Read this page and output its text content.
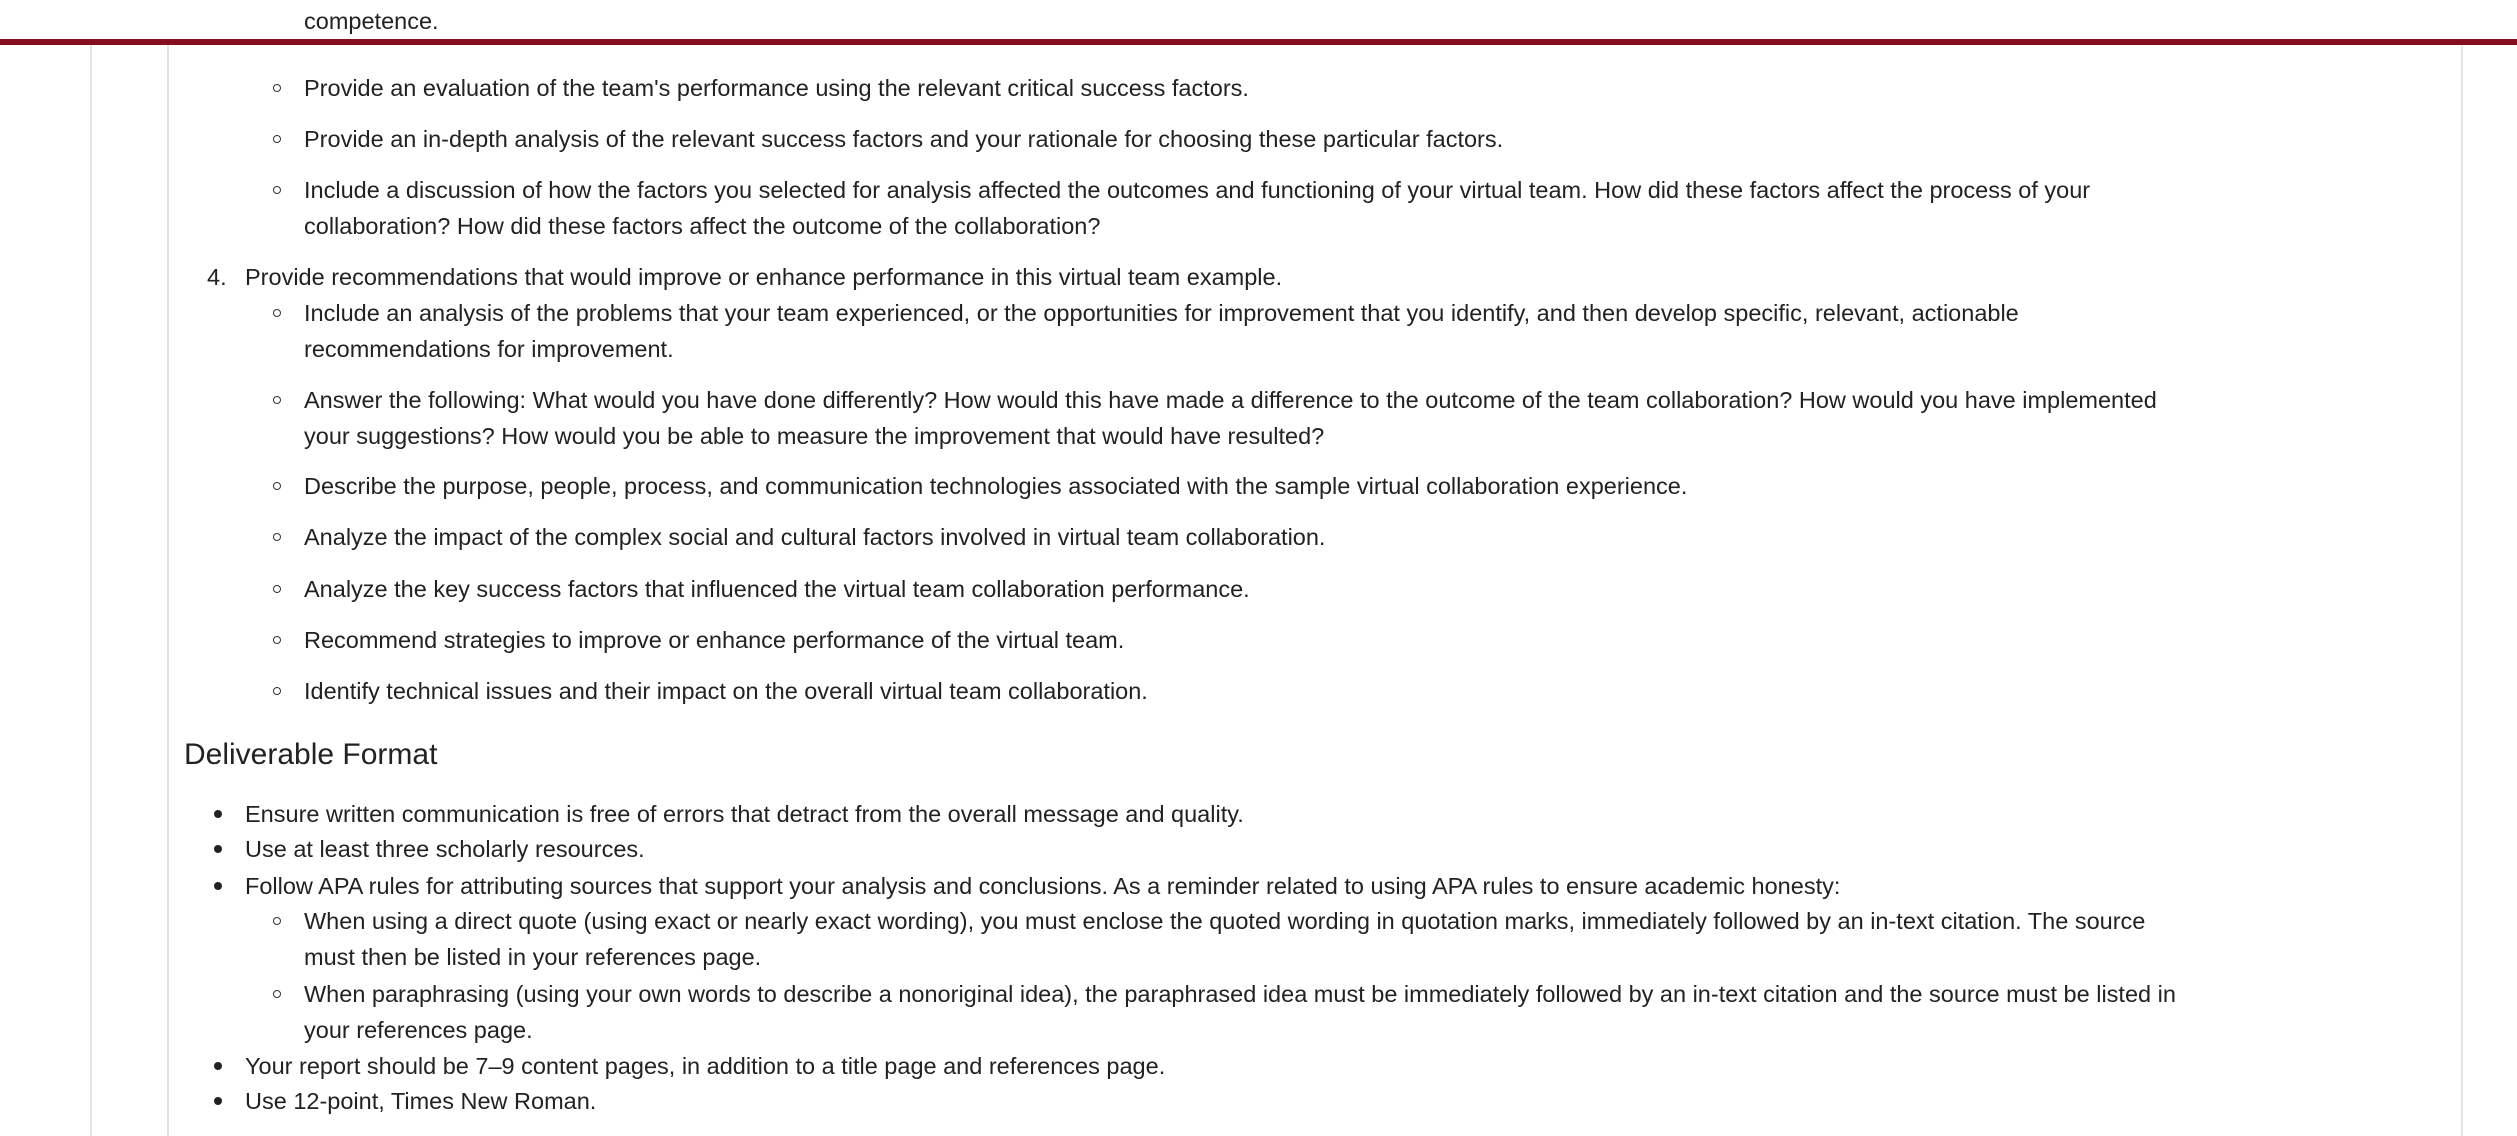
competence.
Provide an evaluation of the team's performance using the relevant critical success factors.
Provide an in-depth analysis of the relevant success factors and your rationale for choosing these particular factors.
Include a discussion of how the factors you selected for analysis affected the outcomes and functioning of your virtual team. How did these factors affect the process of your
collaboration? How did these factors affect the outcome of the collaboration?
4. Provide recommendations that would improve or enhance performance in this virtual team example.
Include an analysis of the problems that your team experienced, or the opportunities for improvement that you identify, and then develop specific, relevant, actionable
recommendations for improvement.
Answer the following: What would you have done differently? How would this have made a difference to the outcome of the team collaboration? How would you have implemented
your suggestions? How would you be able to measure the improvement that would have resulted?
Describe the purpose, people, process, and communication technologies associated with the sample virtual collaboration experience.
Analyze the impact of the complex social and cultural factors involved in virtual team collaboration.
Analyze the key success factors that influenced the virtual team collaboration performance.
Recommend strategies to improve or enhance performance of the virtual team.
Identify technical issues and their impact on the overall virtual team collaboration.
Deliverable Format
Ensure written communication is free of errors that detract from the overall message and quality.
Use at least three scholarly resources.
Follow APA rules for attributing sources that support your analysis and conclusions. As a reminder related to using APA rules to ensure academic honesty:
When using a direct quote (using exact or nearly exact wording), you must enclose the quoted wording in quotation marks, immediately followed by an in-text citation. The source
must then be listed in your references page.
When paraphrasing (using your own words to describe a nonoriginal idea), the paraphrased idea must be immediately followed by an in-text citation and the source must be listed in
your references page.
Your report should be 7–9 content pages, in addition to a title page and references page.
Use 12-point, Times New Roman.
